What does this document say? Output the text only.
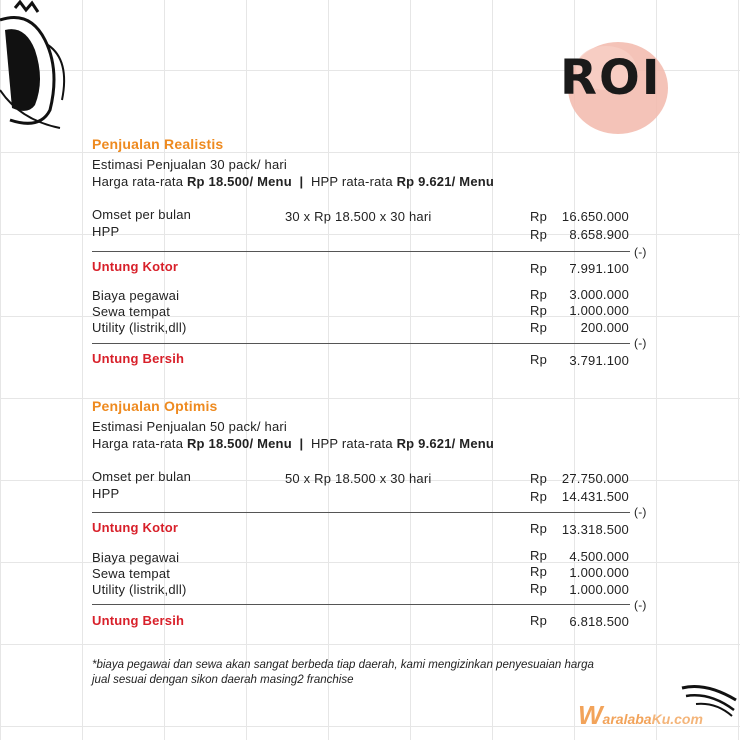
ROI
Penjualan Realistis
Estimasi Penjualan 30 pack/ hari
Harga rata-rata Rp 18.500/ Menu | HPP rata-rata Rp 9.621/ Menu
Omset per bulan	30 x Rp 18.500 x 30 hari	Rp	16.650.000
HPP	Rp	8.658.900
(-)
Untung Kotor	Rp	7.991.100
Biaya pegawai	Rp	3.000.000
Sewa tempat	Rp	1.000.000
Utility (listrik,dll)	Rp	200.000
(-)
Untung Bersih	Rp	3.791.100
Penjualan Optimis
Estimasi Penjualan 50 pack/ hari
Harga rata-rata Rp 18.500/ Menu | HPP rata-rata Rp 9.621/ Menu
Omset per bulan	50 x Rp 18.500 x 30 hari	Rp	27.750.000
HPP	Rp	14.431.500
(-)
Untung Kotor	Rp	13.318.500
Biaya pegawai	Rp	4.500.000
Sewa tempat	Rp	1.000.000
Utility (listrik,dll)	Rp	1.000.000
(-)
Untung Bersih	Rp	6.818.500
*biaya pegawai dan sewa akan sangat berbeda tiap daerah, kami mengizinkan penyesuaian harga jual sesuai dengan sikon daerah masing2 franchise
WaralabaKu.com
